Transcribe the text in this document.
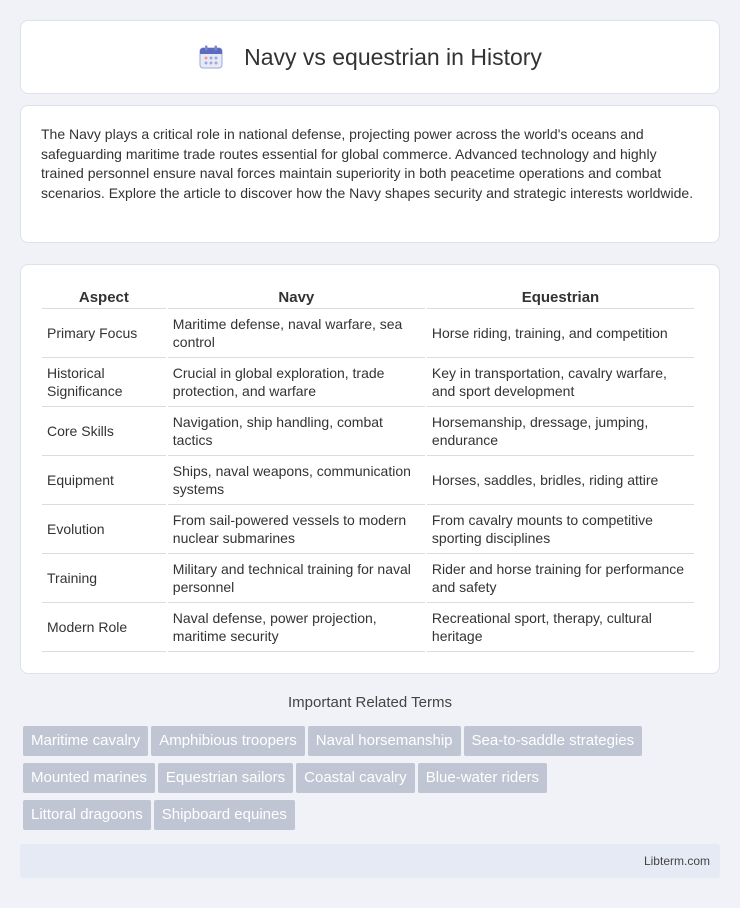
Navy vs equestrian in History

The Navy plays a critical role in national defense, projecting power across the world's oceans and safeguarding maritime trade routes essential for global commerce. Advanced technology and highly trained personnel ensure naval forces maintain superiority in both peacetime operations and combat scenarios. Explore the article to discover how the Navy shapes security and strategic interests worldwide.

Aspect	Navy	Equestrian
Primary Focus	Maritime defense, naval warfare, sea control	Horse riding, training, and competition
Historical Significance	Crucial in global exploration, trade protection, and warfare	Key in transportation, cavalry warfare, and sport development
Core Skills	Navigation, ship handling, combat tactics	Horsemanship, dressage, jumping, endurance
Equipment	Ships, naval weapons, communication systems	Horses, saddles, bridles, riding attire
Evolution	From sail-powered vessels to modern nuclear submarines	From cavalry mounts to competitive sporting disciplines
Training	Military and technical training for naval personnel	Rider and horse training for performance and safety
Modern Role	Naval defense, power projection, maritime security	Recreational sport, therapy, cultural heritage
Important Related Terms
Maritime cavalry Amphibious troopers Naval horsemanship Sea-to-saddle strategies
Mounted marines Equestrian sailors Coastal cavalry Blue-water riders
Littoral dragoons Shipboard equines
Libterm.com
